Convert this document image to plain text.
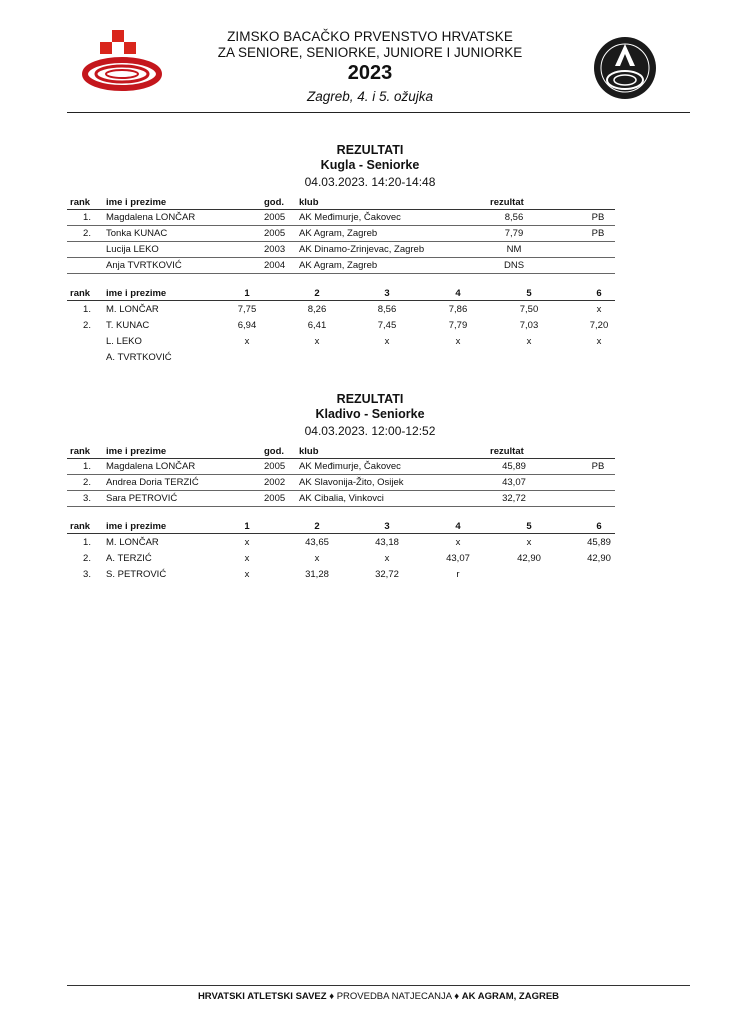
ZIMSKO BACAČKO PRVENSTVO HRVATSKE
ZA SENIORE, SENIORKE, JUNIORE I JUNIORKE
2023
Zagreb, 4. i 5. ožujka
REZULTATI
Kugla - Seniorke
04.03.2023. 14:20-14:48
rank ime i prezime	god. klub	rezultat
1.	Magdalena LONČAR	2005 AK Međimurje, Čakovec	8,56	PB
2.	Tonka KUNAC	2005 AK Agram, Zagreb	7,79	PB
Lucija LEKO	2003 AK Dinamo-Zrinjevac, Zagreb	NM
Anja TVRTKOVIĆ	2004 AK Agram, Zagreb	DNS
rank ime i prezime	1	2	3	4	5	6
1.	M. LONČAR	7,75	8,26	8,56	7,86	7,50	x
2.	T. KUNAC	6,94	6,41	7,45	7,79	7,03	7,20
L. LEKO	x	x	x	x	x	x
A. TVRTKOVIĆ
REZULTATI
Kladivo - Seniorke
04.03.2023. 12:00-12:52
rank ime i prezime	god. klub	rezultat
1.	Magdalena LONČAR	2005 AK Međimurje, Čakovec	45,89	PB
2.	Andrea Doria TERZIĆ	2002 AK Slavonija-Žito, Osijek	43,07
3.	Sara PETROVIĆ	2005 AK Cibalia, Vinkovci	32,72
rank ime i prezime	1	2	3	4	5	6
1.	M. LONČAR	x	43,65	43,18	x	x	45,89
2.	A. TERZIĆ	x	x	x	43,07	42,90	42,90
3.	S. PETROVIĆ	x	31,28	32,72	r
HRVATSKI ATLETSKI SAVEZ ♦ PROVEDBA NATJECANJA ♦ AK AGRAM, ZAGREB
